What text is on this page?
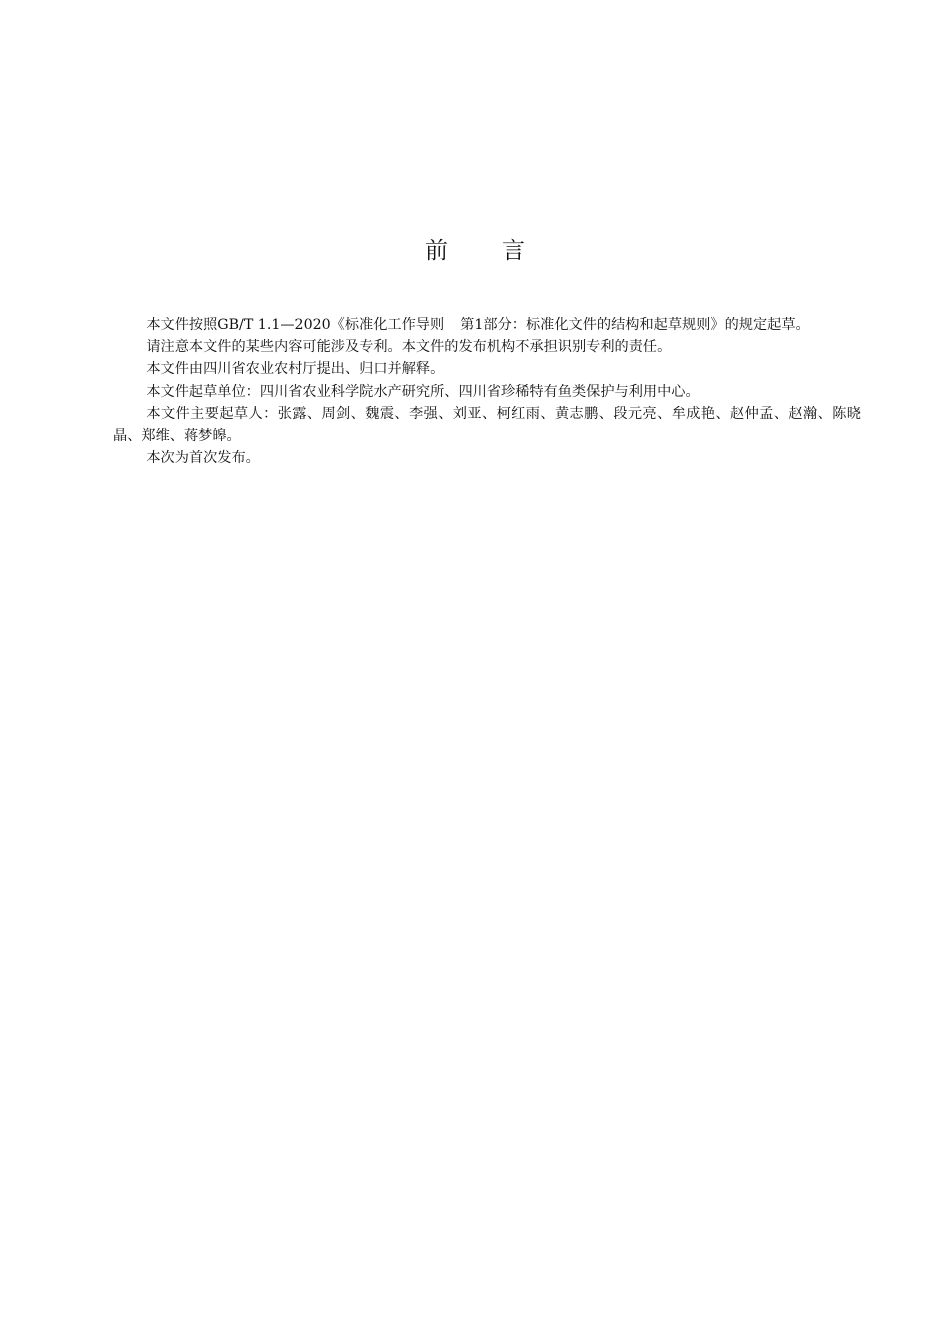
前 言

本文件按照GB/T 1.1—2020《标准化工作导则 第1部分：标准化文件的结构和起草规则》的规定起草。

请注意本文件的某些内容可能涉及专利。本文件的发布机构不承担识别专利的责任。

本文件由四川省农业农村厅提出、归口并解释。

本文件起草单位：四川省农业科学院水产研究所、四川省珍稀特有鱼类保护与利用中心。

本文件主要起草人：张露、周剑、魏震、李强、刘亚、柯红雨、黄志鹏、段元亮、牟成艳、赵仲孟、赵瀚、陈晓晶、郑维、蒋梦皞。

本次为首次发布。
